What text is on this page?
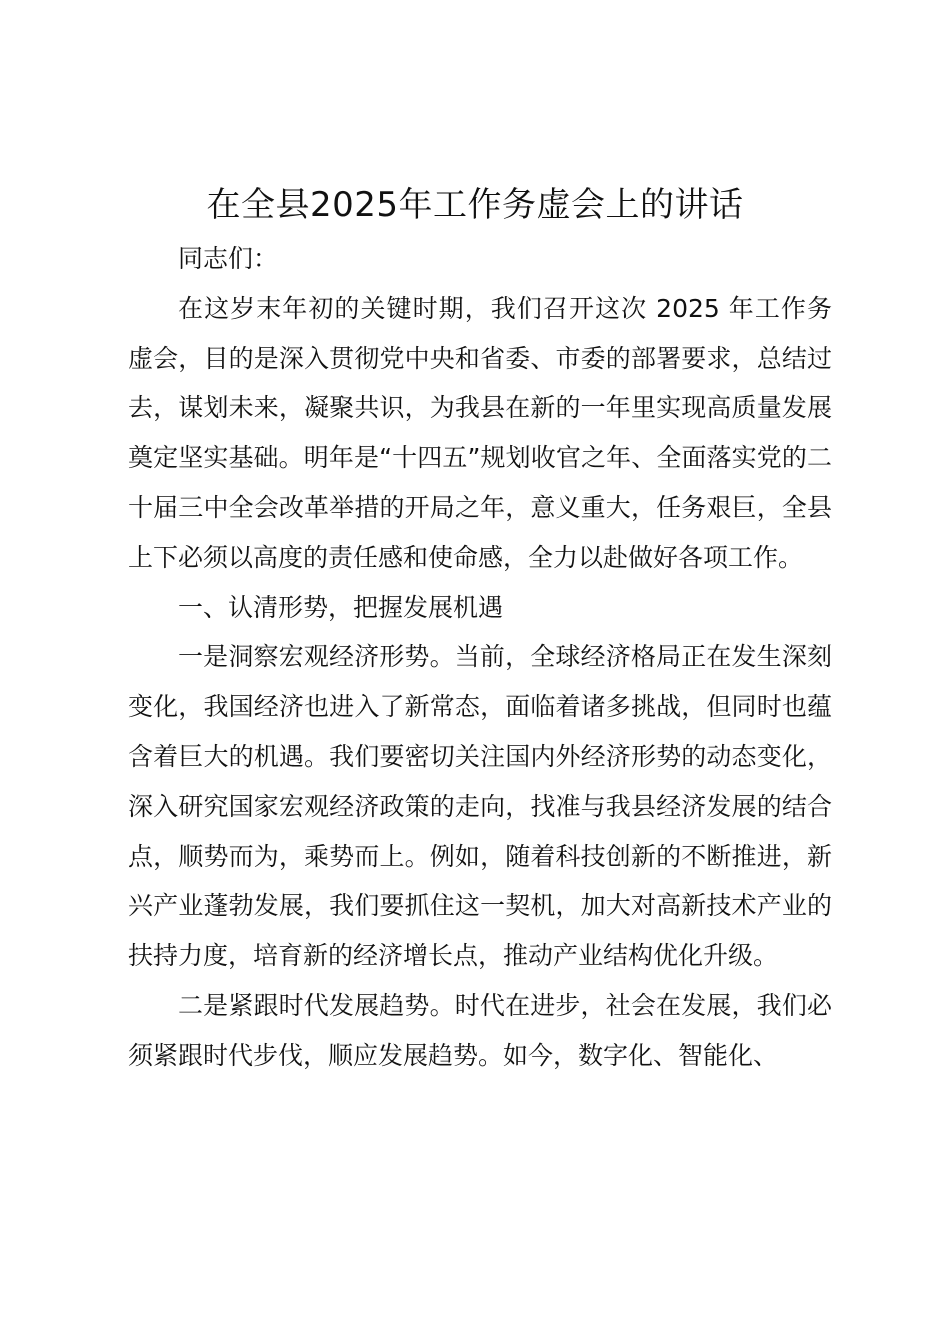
在全县2025年工作务虚会上的讲话

同志们：

在这岁末年初的关键时期，我们召开这次 2025 年工作务虚会，目的是深入贯彻党中央和省委、市委的部署要求，总结过去，谋划未来，凝聚共识，为我县在新的一年里实现高质量发展奠定坚实基础。明年是“十四五”规划收官之年、全面落实党的二十届三中全会改革举措的开局之年，意义重大，任务艰巨，全县上下必须以高度的责任感和使命感，全力以赴做好各项工作。

一、认清形势，把握发展机遇

一是洞察宏观经济形势。当前，全球经济格局正在发生深刻变化，我国经济也进入了新常态，面临着诸多挑战，但同时也蕴含着巨大的机遇。我们要密切关注国内外经济形势的动态变化，深入研究国家宏观经济政策的走向，找准与我县经济发展的结合点，顺势而为，乘势而上。例如，随着科技创新的不断推进，新兴产业蓬勃发展，我们要抓住这一契机，加大对高新技术产业的扶持力度，培育新的经济增长点，推动产业结构优化升级。

二是紧跟时代发展趋势。时代在进步，社会在发展，我们必须紧跟时代步伐，顺应发展趋势。如今，数字化、智能化、
